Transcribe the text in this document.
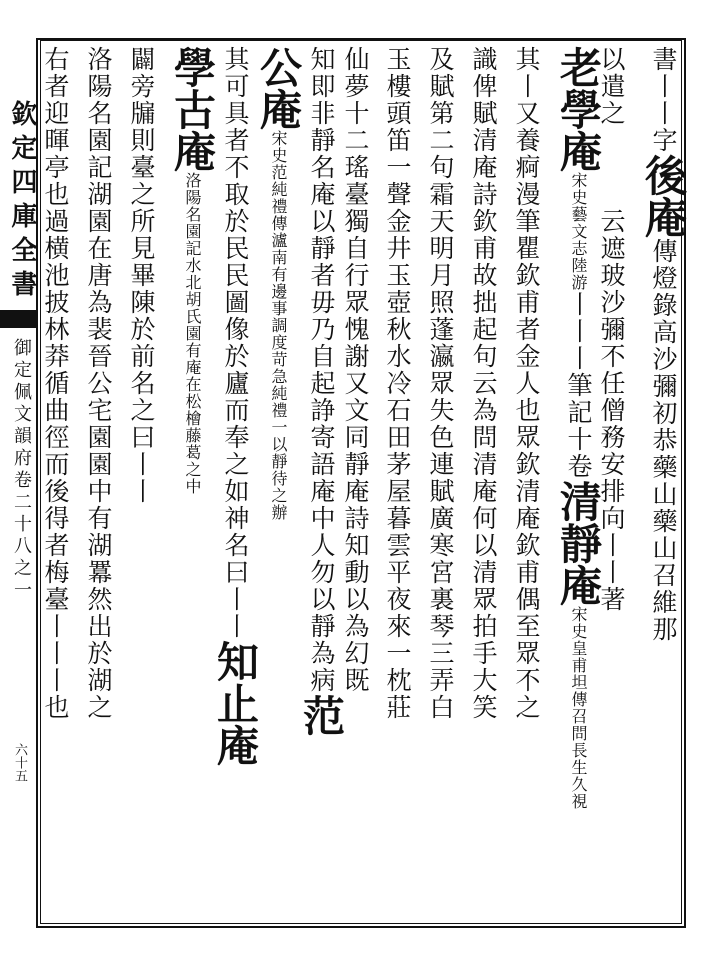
欽定四庫全書
御定佩文韻府卷二十八之一
六十五
書丨丨字後庵傳燈錄高沙彌初恭藥山藥山召維那
以遣之　　　云遮玻沙彌不任僧務安排向丨丨著
老學庵宋史藝文志陸游丨丨丨筆記十卷清靜庵宋史皇甫坦傳召問長生久視
其丨又養痾漫筆瞿欽甫者金人也眾欽清庵欽甫偶至眾不之
識俾賦清庵詩欽甫故拙起句云為問清庵何以清眾拍手大笑
及賦第二句霜天明月照蓬瀛眾失色連賦廣寒宮裏琴三弄白
玉樓頭笛一聲金井玉壺秋水冷石田茅屋暮雲平夜來一枕莊
仙夢十二瑤臺獨自行眾愧謝又文同靜庵詩知動以為幻既
知即非靜名庵以靜者毋乃自起諍寄語庵中人勿以靜為病范
公庵宋史范純禮傳瀘南有邊事調度苛急純禮一以靜待之辦
其可具者不取於民民圖像於廬而奉之如神名曰丨丨知止庵
學古庵洛陽名園記水北胡氏園有庵在松檜藤葛之中
闢旁牖則臺之所見畢陳於前名之曰丨丨
洛陽名園記湖園在唐為裴晉公宅園園中有湖羃然出於湖之
右者迎暉亭也過横池披林莽循曲徑而後得者梅臺丨丨丨也
